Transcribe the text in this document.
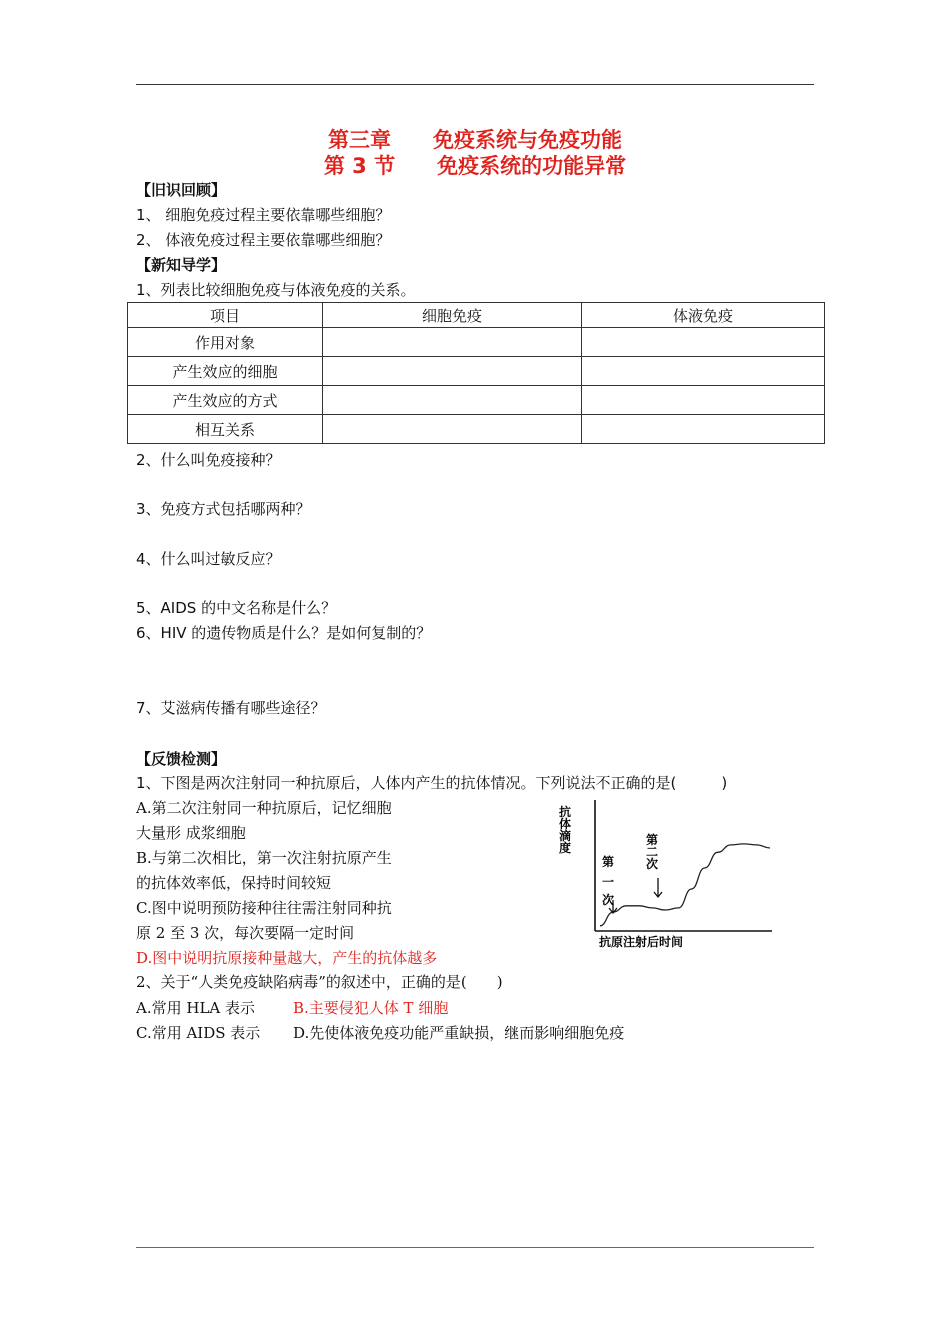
第三章　　免疫系统与免疫功能
第 3 节　　免疫系统的功能异常
【旧识回顾】
1、 细胞免疫过程主要依靠哪些细胞？
2、 体液免疫过程主要依靠哪些细胞？
【新知导学】
1、列表比较细胞免疫与体液免疫的关系。
项目	细胞免疫	体液免疫
作用对象		
产生效应的细胞		
产生效应的方式		
相互关系		
2、什么叫免疫接种？
3、免疫方式包括哪两种？
4、什么叫过敏反应？
5、AIDS 的中文名称是什么？
6、HIV 的遗传物质是什么？是如何复制的？
7、艾滋病传播有哪些途径？
【反馈检测】
1、下图是两次注射同一种抗原后，人体内产生的抗体情况。下列说法不正确的是(　　　)
A.第二次注射同一种抗原后，记忆细胞
大量形 成浆细胞
B.与第二次相比，第一次注射抗原产生
的抗体效率低，保持时间较短
C.图中说明预防接种往往需注射同种抗
原 2 至 3 次，每次要隔一定时间
D.图中说明抗原接种量越大，产生的抗体越多
2、关于“人类免疫缺陷病毒”的叙述中，正确的是(　　)
A.常用 HLA 表示	B.主要侵犯人体 T 细胞
C.常用 AIDS 表示 D.先使体液免疫功能严重缺损，继而影响细胞免疫
抗
体
滴
度
第
一
次
第
二
次
抗原注射后时间
